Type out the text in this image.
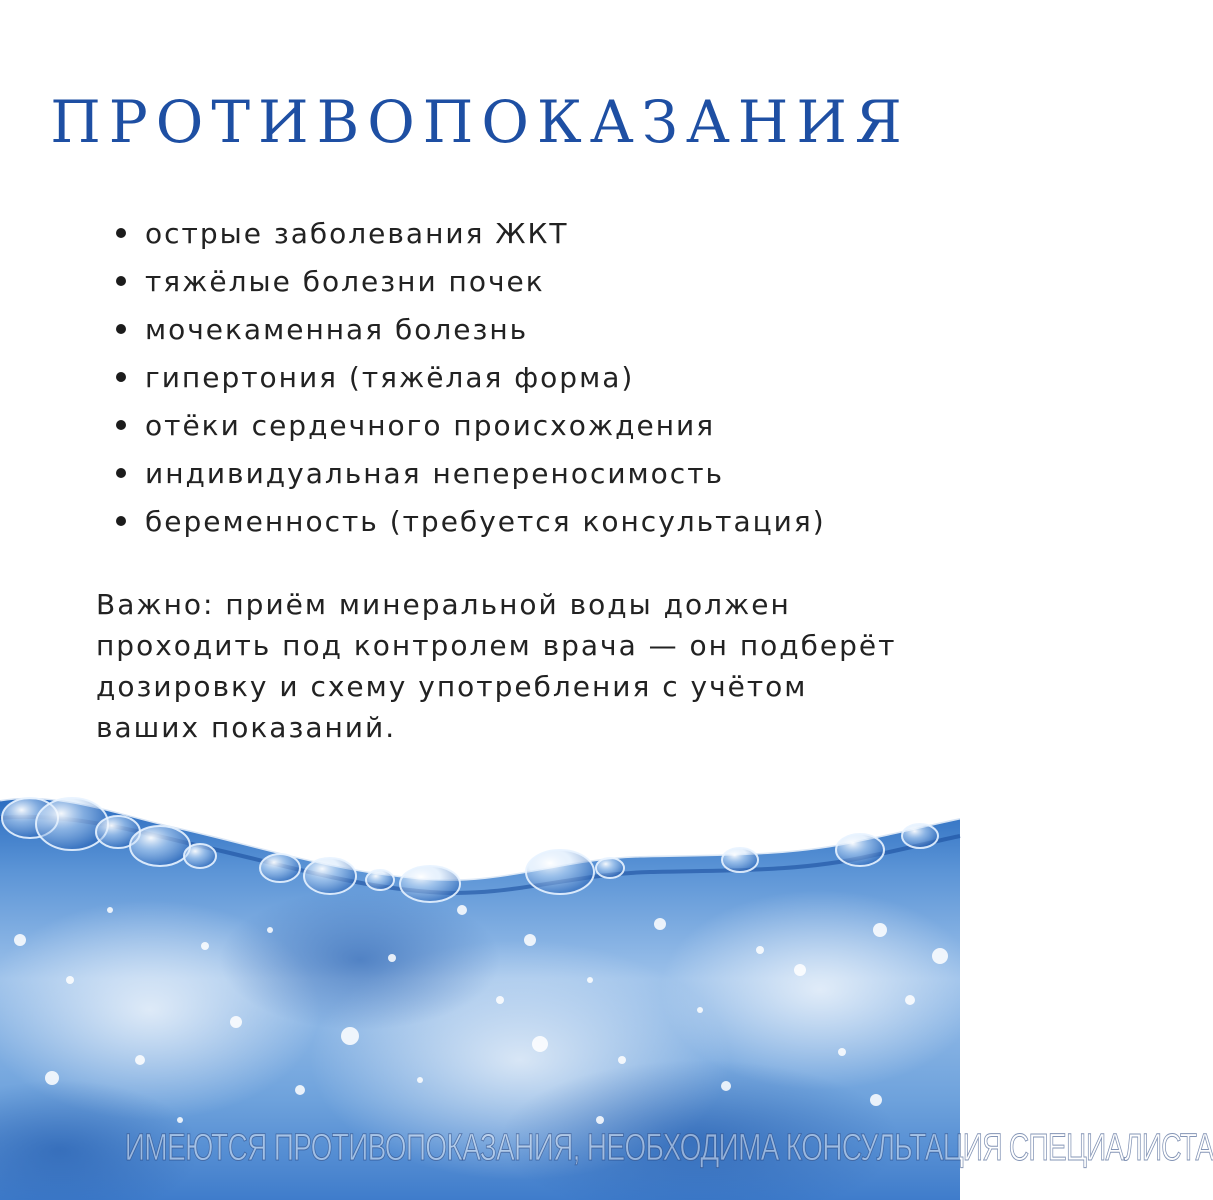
ПРОТИВОПОКАЗАНИЯ
острые заболевания ЖКТ
тяжёлые болезни почек
мочекаменная болезнь
гипертония (тяжёлая форма)
отёки сердечного происхождения
индивидуальная непереносимость
беременность (требуется консультация)

Важно: приём минеральной воды должен проходить под контролем врача — он подберёт дозировку и схему употребления с учётом ваших показаний.

ИМЕЮТСЯ ПРОТИВОПОКАЗАНИЯ, НЕОБХОДИМА КОНСУЛЬТАЦИЯ СПЕЦИАЛИСТА
